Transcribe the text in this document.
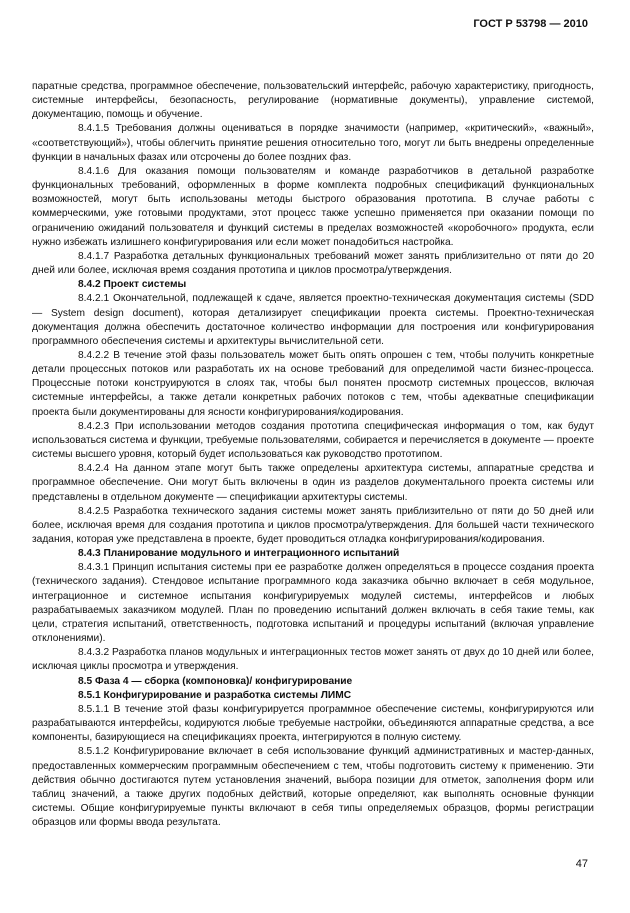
ГОСТ Р 53798 — 2010

паратные средства, программное обеспечение, пользовательский интерфейс, рабочую характеристику, пригодность, системные интерфейсы, безопасность, регулирование (нормативные документы), управление системой, документацию, помощь и обучение.

8.4.1.5 Требования должны оцениваться в порядке значимости (например, «критический», «важный», «соответствующий»), чтобы облегчить принятие решения относительно того, могут ли быть внедрены определенные функции в начальных фазах или отсрочены до более поздних фаз.

8.4.1.6 Для оказания помощи пользователям и команде разработчиков в детальной разработке функциональных требований, оформленных в форме комплекта подробных спецификаций функциональных возможностей, могут быть использованы методы быстрого образования прототипа. В случае работы с коммерческими, уже готовыми продуктами, этот процесс также успешно применяется при оказании помощи по ограничению ожиданий пользователя и функций системы в пределах возможностей «коробочного» продукта, если нужно избежать излишнего конфигурирования или если может понадобиться настройка.

8.4.1.7 Разработка детальных функциональных требований может занять приблизительно от пяти до 20 дней или более, исключая время создания прототипа и циклов просмотра/утверждения.

8.4.2 Проект системы

8.4.2.1 Окончательной, подлежащей к сдаче, является проектно-техническая документация системы (SDD — System design document), которая детализирует спецификации проекта системы. Проектно-техническая документация должна обеспечить достаточное количество информации для построения или конфигурирования программного обеспечения системы и архитектуры вычислительной сети.

8.4.2.2 В течение этой фазы пользователь может быть опять опрошен с тем, чтобы получить конкретные детали процессных потоков или разработать их на основе требований для определимой части бизнес-процесса. Процессные потоки конструируются в слоях так, чтобы был понятен просмотр системных процессов, включая системные интерфейсы, а также детали конкретных рабочих потоков с тем, чтобы адекватные спецификации проекта были документированы для ясности конфигурирования/кодирования.

8.4.2.3 При использовании методов создания прототипа специфическая информация о том, как будут использоваться система и функции, требуемые пользователями, собирается и перечисляется в документе — проекте системы высшего уровня, который будет использоваться как руководство прототипом.

8.4.2.4 На данном этапе могут быть также определены архитектура системы, аппаратные средства и программное обеспечение. Они могут быть включены в один из разделов документального проекта системы или представлены в отдельном документе — спецификации архитектуры системы.

8.4.2.5 Разработка технического задания системы может занять приблизительно от пяти до 50 дней или более, исключая время для создания прототипа и циклов просмотра/утверждения. Для большей части технического задания, которая уже представлена в проекте, будет проводиться отладка конфигурирования/кодирования.

8.4.3 Планирование модульного и интеграционного испытаний

8.4.3.1 Принцип испытания системы при ее разработке должен определяться в процессе создания проекта (технического задания). Стендовое испытание программного кода заказчика обычно включает в себя модульное, интеграционное и системное испытания конфигурируемых модулей системы, интерфейсов и любых разрабатываемых заказчиком модулей. План по проведению испытаний должен включать в себя такие темы, как цели, стратегия испытаний, ответственность, подготовка испытаний и процедуры испытаний (включая управление отклонениями).

8.4.3.2 Разработка планов модульных и интеграционных тестов может занять от двух до 10 дней или более, исключая циклы просмотра и утверждения.

8.5 Фаза 4 — сборка (компоновка)/ конфигурирование

8.5.1 Конфигурирование и разработка системы ЛИМС

8.5.1.1 В течение этой фазы конфигурируется программное обеспечение системы, конфигурируются или разрабатываются интерфейсы, кодируются любые требуемые настройки, объединяются аппаратные средства, а все компоненты, базирующиеся на спецификациях проекта, интегрируются в полную систему.

8.5.1.2 Конфигурирование включает в себя использование функций административных и мастер-данных, предоставленных коммерческим программным обеспечением с тем, чтобы подготовить систему к применению. Эти действия обычно достигаются путем установления значений, выбора позиции для отметок, заполнения форм или таблиц значений, а также других подобных действий, которые определяют, как выполнять основные функции системы. Общие конфигурируемые пункты включают в себя типы определяемых образцов, формы регистрации образцов или формы ввода результата.

47
